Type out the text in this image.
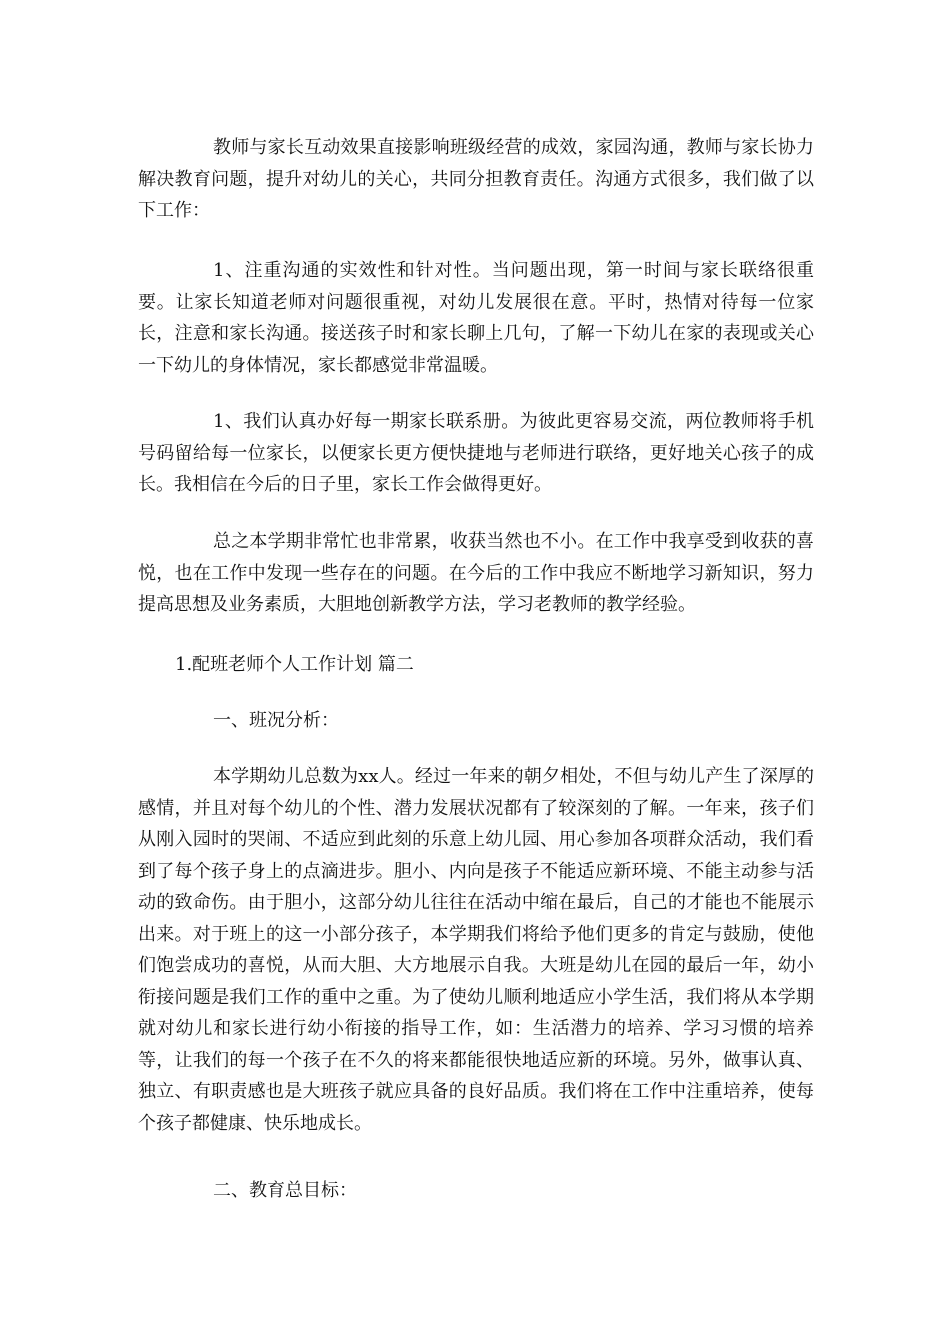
教师与家长互动效果直接影响班级经营的成效，家园沟通，教师与家长协力解决教育问题，提升对幼儿的关心，共同分担教育责任。沟通方式很多，我们做了以下工作：

1、注重沟通的实效性和针对性。当问题出现，第一时间与家长联络很重要。让家长知道老师对问题很重视，对幼儿发展很在意。平时，热情对待每一位家长，注意和家长沟通。接送孩子时和家长聊上几句，了解一下幼儿在家的表现或关心一下幼儿的身体情况，家长都感觉非常温暖。

1、我们认真办好每一期家长联系册。为彼此更容易交流，两位教师将手机号码留给每一位家长，以便家长更方便快捷地与老师进行联络，更好地关心孩子的成长。我相信在今后的日子里，家长工作会做得更好。

总之本学期非常忙也非常累，收获当然也不小。在工作中我享受到收获的喜悦，也在工作中发现一些存在的问题。在今后的工作中我应不断地学习新知识，努力提高思想及业务素质，大胆地创新教学方法，学习老教师的教学经验。

1.配班老师个人工作计划 篇二

一、班况分析：

本学期幼儿总数为xx人。经过一年来的朝夕相处，不但与幼儿产生了深厚的感情，并且对每个幼儿的个性、潜力发展状况都有了较深刻的了解。一年来，孩子们从刚入园时的哭闹、不适应到此刻的乐意上幼儿园、用心参加各项群众活动，我们看到了每个孩子身上的点滴进步。胆小、内向是孩子不能适应新环境、不能主动参与活动的致命伤。由于胆小，这部分幼儿往往在活动中缩在最后，自己的才能也不能展示出来。对于班上的这一小部分孩子，本学期我们将给予他们更多的肯定与鼓励，使他们饱尝成功的喜悦，从而大胆、大方地展示自我。大班是幼儿在园的最后一年，幼小衔接问题是我们工作的重中之重。为了使幼儿顺利地适应小学生活，我们将从本学期就对幼儿和家长进行幼小衔接的指导工作，如：生活潜力的培养、学习习惯的培养等，让我们的每一个孩子在不久的将来都能很快地适应新的环境。另外，做事认真、独立、有职责感也是大班孩子就应具备的良好品质。我们将在工作中注重培养，使每个孩子都健康、快乐地成长。

二、教育总目标：
